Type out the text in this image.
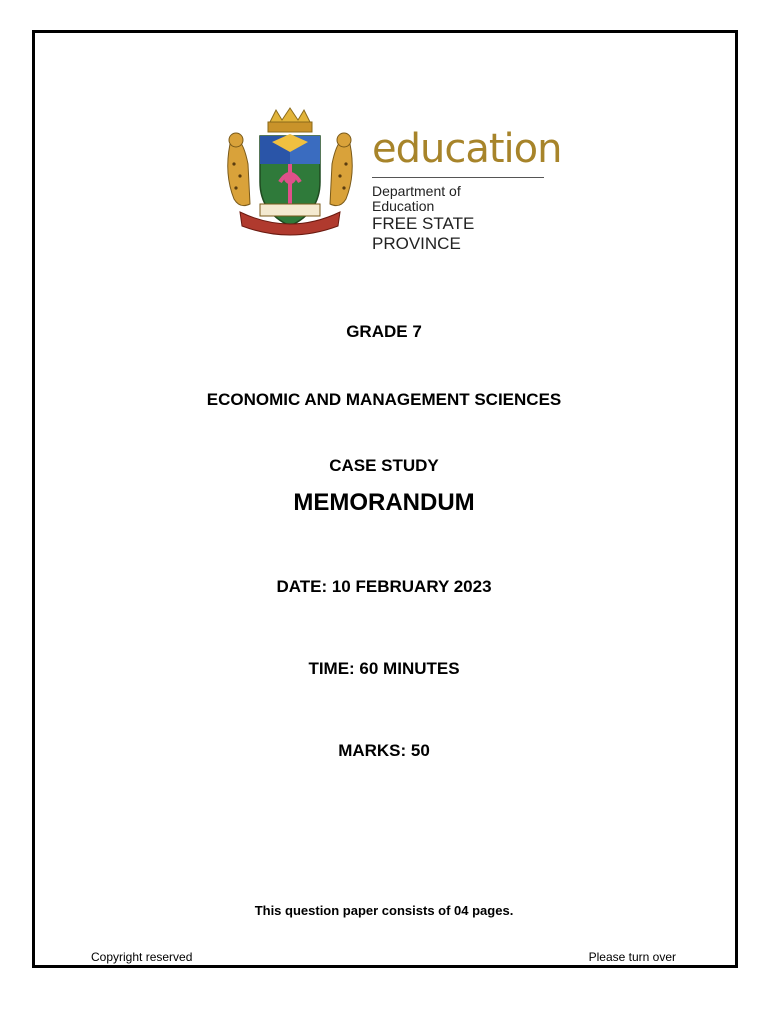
education
Department of
Education
FREE STATE PROVINCE
GRADE 7
ECONOMIC AND MANAGEMENT SCIENCES
CASE STUDY
MEMORANDUM
DATE: 10 FEBRUARY 2023
TIME: 60 MINUTES
MARKS: 50
This question paper consists of 04 pages.
Copyright reserved	Please turn over
